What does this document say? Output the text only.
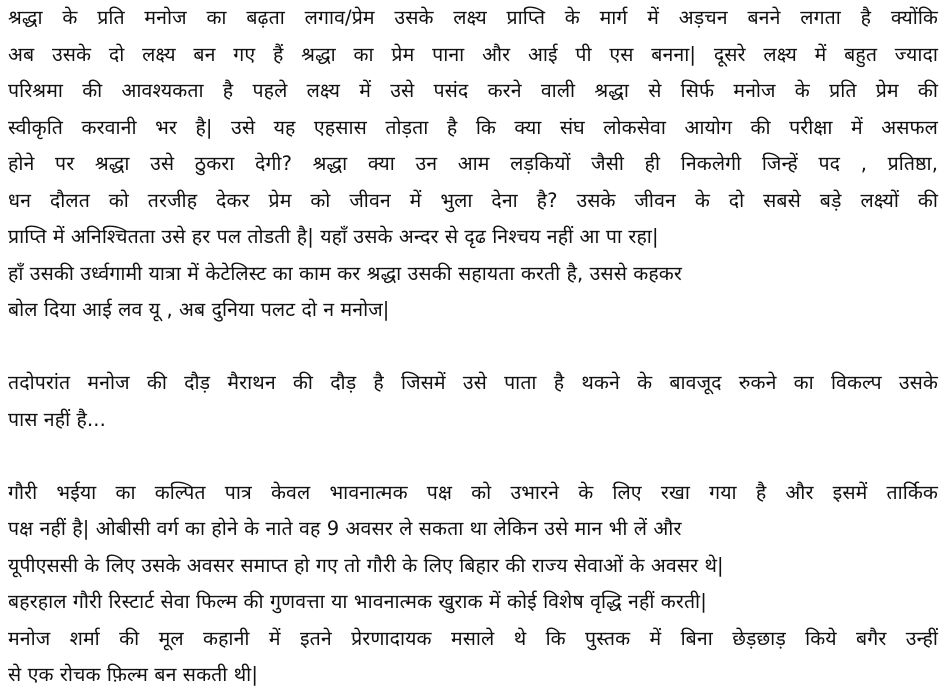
श्रद्धा के प्रति मनोज का बढ़ता लगाव/प्रेम उसके लक्ष्य प्राप्ति के मार्ग में अड़चन बनने लगता है क्योंकि
अब उसके दो लक्ष्य बन गए हैं श्रद्धा का प्रेम पाना और आई पी एस बनना| दूसरे लक्ष्य में बहुत ज्यादा
परिश्रमा की आवश्यकता है पहले लक्ष्य में उसे पसंद करने वाली श्रद्धा से सिर्फ मनोज के प्रति प्रेम की
स्वीकृति करवानी भर है| उसे यह एहसास तोड़ता है कि क्या संघ लोकसेवा आयोग की परीक्षा में असफल
होने पर श्रद्धा उसे ठुकरा देगी? श्रद्धा क्या उन आम लड़कियों जैसी ही निकलेगी जिन्हें पद , प्रतिष्ठा,
धन दौलत को तरजीह देकर प्रेम को जीवन में भुला देना है? उसके जीवन के दो सबसे बड़े लक्ष्यों की
प्राप्ति में अनिश्चितता उसे हर पल तोडती है| यहाँ उसके अन्दर से दृढ निश्चय नहीं आ पा रहा|
हाँ उसकी उर्ध्वगामी यात्रा में केटेलिस्ट का काम कर श्रद्धा उसकी सहायता करती है, उससे कहकर
बोल दिया आई लव यू , अब दुनिया पलट दो न मनोज|
तदोपरांत मनोज की दौड़ मैराथन की दौड़ है जिसमें उसे पाता है थकने के बावजूद रुकने का विकल्प उसके
पास नहीं है...
गौरी भईया का कल्पित पात्र केवल भावनात्मक पक्ष को उभारने के लिए रखा गया है और इसमें तार्किक
पक्ष नहीं है| ओबीसी वर्ग का होने के नाते वह 9 अवसर ले सकता था लेकिन उसे मान भी लें और
यूपीएससी के लिए उसके अवसर समाप्त हो गए तो गौरी के लिए बिहार की राज्य सेवाओं के अवसर थे|
बहरहाल गौरी रिस्टार्ट सेवा फिल्म की गुणवत्ता या भावनात्मक खुराक में कोई विशेष वृद्धि नहीं करती|
मनोज शर्मा की मूल कहानी में इतने प्रेरणादायक मसाले थे कि पुस्तक में बिना छेड़छाड़ किये बगैर उन्हीं
से एक रोचक फ़िल्म बन सकती थी|
